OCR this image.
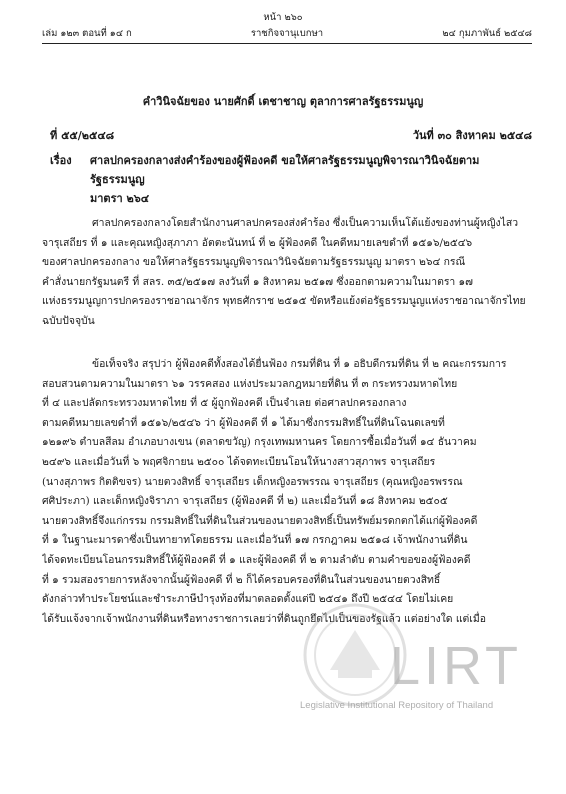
หน้า ๒๖๐
ราชกิจจานุเบกษา
เล่ม ๑๒๓ ตอนที่ ๑๔ ก	๒๔ กุมภาพันธ์ ๒๕๔๘
คำวินิจฉัยของ นายศักดิ์ เตชาชาญ ตุลาการศาลรัฐธรรมนูญ
ที่ ๕๕/๒๕๔๘	วันที่ ๓๐ สิงหาคม ๒๕๔๘
เรื่อง ศาลปกครองกลางส่งคำร้องของผู้ฟ้องคดี ขอให้ศาลรัฐธรรมนูญพิจารณาวินิจฉัยตามรัฐธรรมนูญ
มาตรา ๒๖๔
ศาลปกครองกลางโดยสำนักงานศาลปกครองส่งคำร้อง ซึ่งเป็นความเห็นโต้แย้งของท่านผู้หญิงไสว
จารุเสถียร ที่ ๑ และคุณหญิงสุภาภา อัตตะนันทน์ ที่ ๒ ผู้ฟ้องคดี ในคดีหมายเลขดำที่ ๑๕๑๖/๒๕๔๖
ของศาลปกครองกลาง ขอให้ศาลรัฐธรรมนูญพิจารณาวินิจฉัยตามรัฐธรรมนูญ มาตรา ๒๖๔ กรณี
คำสั่งนายกรัฐมนตรี ที่ สลร. ๓๕/๒๕๑๗ ลงวันที่ ๑ สิงหาคม ๒๕๑๗ ซึ่งออกตามความในมาตรา ๑๗
แห่งธรรมนูญการปกครองราชอาณาจักร พุทธศักราช ๒๕๑๕ ขัดหรือแย้งต่อรัฐธรรมนูญแห่งราชอาณาจักรไทย
ฉบับปัจจุบัน
ข้อเท็จจริง สรุปว่า ผู้ฟ้องคดีทั้งสองได้ยื่นฟ้อง กรมที่ดิน ที่ ๑ อธิบดีกรมที่ดิน ที่ ๒ คณะกรรมการ
สอบสวนตามความในมาตรา ๖๑ วรรคสอง แห่งประมวลกฎหมายที่ดิน ที่ ๓ กระทรวงมหาดไทย
ที่ ๔ และปลัดกระทรวงมหาดไทย ที่ ๕ ผู้ถูกฟ้องคดี เป็นจำเลย ต่อศาลปกครองกลาง
ตามคดีหมายเลขดำที่ ๑๕๑๖/๒๕๔๖ ว่า ผู้ฟ้องคดี ที่ ๑ ได้มาซึ่งกรรมสิทธิ์ในที่ดินโฉนดเลขที่
๑๒๑๙๖ ตำบลสีลม อำเภอบางเขน (ตลาดขวัญ) กรุงเทพมหานคร โดยการซื้อเมื่อวันที่ ๑๔ ธันวาคม
๒๔๙๖ และเมื่อวันที่ ๖ พฤศจิกายน ๒๕๐๐ ได้จดทะเบียนโอนให้นางสาวสุภาพร จารุเสถียร
(นางสุภาพร กิตติขจร) นายตวงสิทธิ์ จารุเสถียร เด็กหญิงอรพรรณ จารุเสถียร (คุณหญิงอรพรรณ
ศศิประภา) และเด็กหญิงจิราภา จารุเสถียร (ผู้ฟ้องคดี ที่ ๒) และเมื่อวันที่ ๑๘ สิงหาคม ๒๕๐๕
นายตวงสิทธิ์จึงแก่กรรม กรรมสิทธิ์ในที่ดินในส่วนของนายตวงสิทธิ์เป็นทรัพย์มรดกตกได้แก่ผู้ฟ้องคดี
ที่ ๑ ในฐานะมารดาซึ่งเป็นทายาทโดยธรรม และเมื่อวันที่ ๑๗ กรกฎาคม ๒๕๑๘ เจ้าพนักงานที่ดิน
ได้จดทะเบียนโอนกรรมสิทธิ์ให้ผู้ฟ้องคดี ที่ ๑ และผู้ฟ้องคดี ที่ ๒ ตามลำดับ ตามคำขอของผู้ฟ้องคดี
ที่ ๑ รวมสองรายการหลังจากนั้นผู้ฟ้องคดี ที่ ๒ ก็ได้ครอบครองที่ดินในส่วนของนายตวงสิทธิ์
ดังกล่าวทำประโยชน์และชำระภาษีบำรุงท้องที่มาตลอดตั้งแต่ปี ๒๕๔๑ ถึงปี ๒๕๔๔ โดยไม่เคย
ได้รับแจ้งจากเจ้าพนักงานที่ดินหรือทางราชการเลยว่าที่ดินถูกยึดไปเป็นของรัฐแล้ว แต่อย่างใด แต่เมื่อ
LIRT
Legislative Institutional Repository of Thailand
